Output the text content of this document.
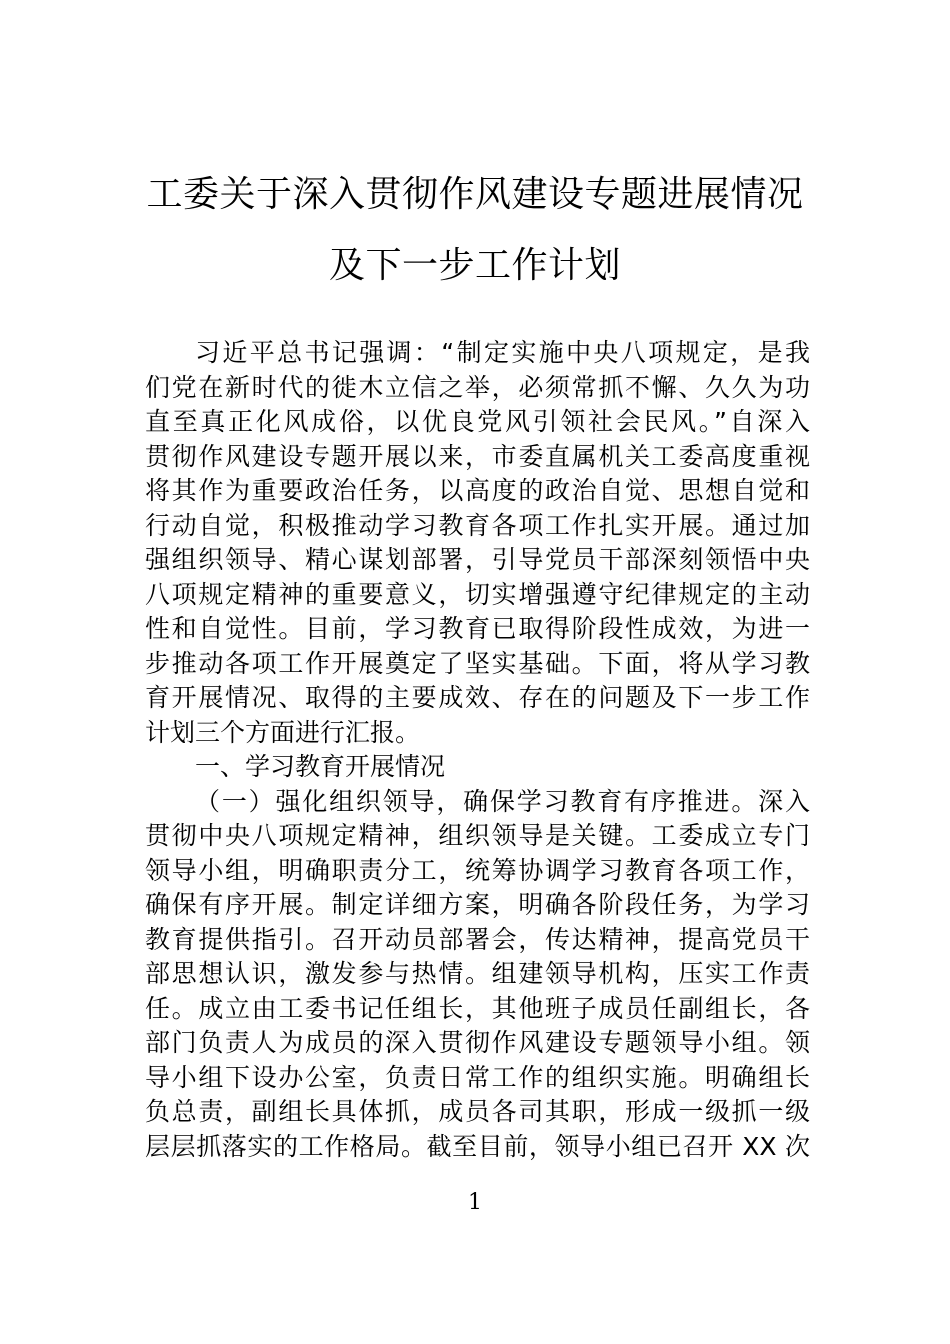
工委关于深入贯彻作风建设专题进展情况
及下一步工作计划
习近平总书记强调：“制定实施中央八项规定，是我
们党在新时代的徙木立信之举，必须常抓不懈、久久为功
直至真正化风成俗，以优良党风引领社会民风。”自深入
贯彻作风建设专题开展以来，市委直属机关工委高度重视
将其作为重要政治任务，以高度的政治自觉、思想自觉和
行动自觉，积极推动学习教育各项工作扎实开展。通过加
强组织领导、精心谋划部署，引导党员干部深刻领悟中央
八项规定精神的重要意义，切实增强遵守纪律规定的主动
性和自觉性。目前，学习教育已取得阶段性成效，为进一
步推动各项工作开展奠定了坚实基础。下面，将从学习教
育开展情况、取得的主要成效、存在的问题及下一步工作
计划三个方面进行汇报。
一、学习教育开展情况
（一）强化组织领导，确保学习教育有序推进。深入
贯彻中央八项规定精神，组织领导是关键。工委成立专门
领导小组，明确职责分工，统筹协调学习教育各项工作，
确保有序开展。制定详细方案，明确各阶段任务，为学习
教育提供指引。召开动员部署会，传达精神，提高党员干
部思想认识，激发参与热情。组建领导机构，压实工作责
任。成立由工委书记任组长，其他班子成员任副组长，各
部门负责人为成员的深入贯彻作风建设专题领导小组。领
导小组下设办公室，负责日常工作的组织实施。明确组长
负总责，副组长具体抓，成员各司其职，形成一级抓一级
层层抓落实的工作格局。截至目前，领导小组已召开 XX 次
1
